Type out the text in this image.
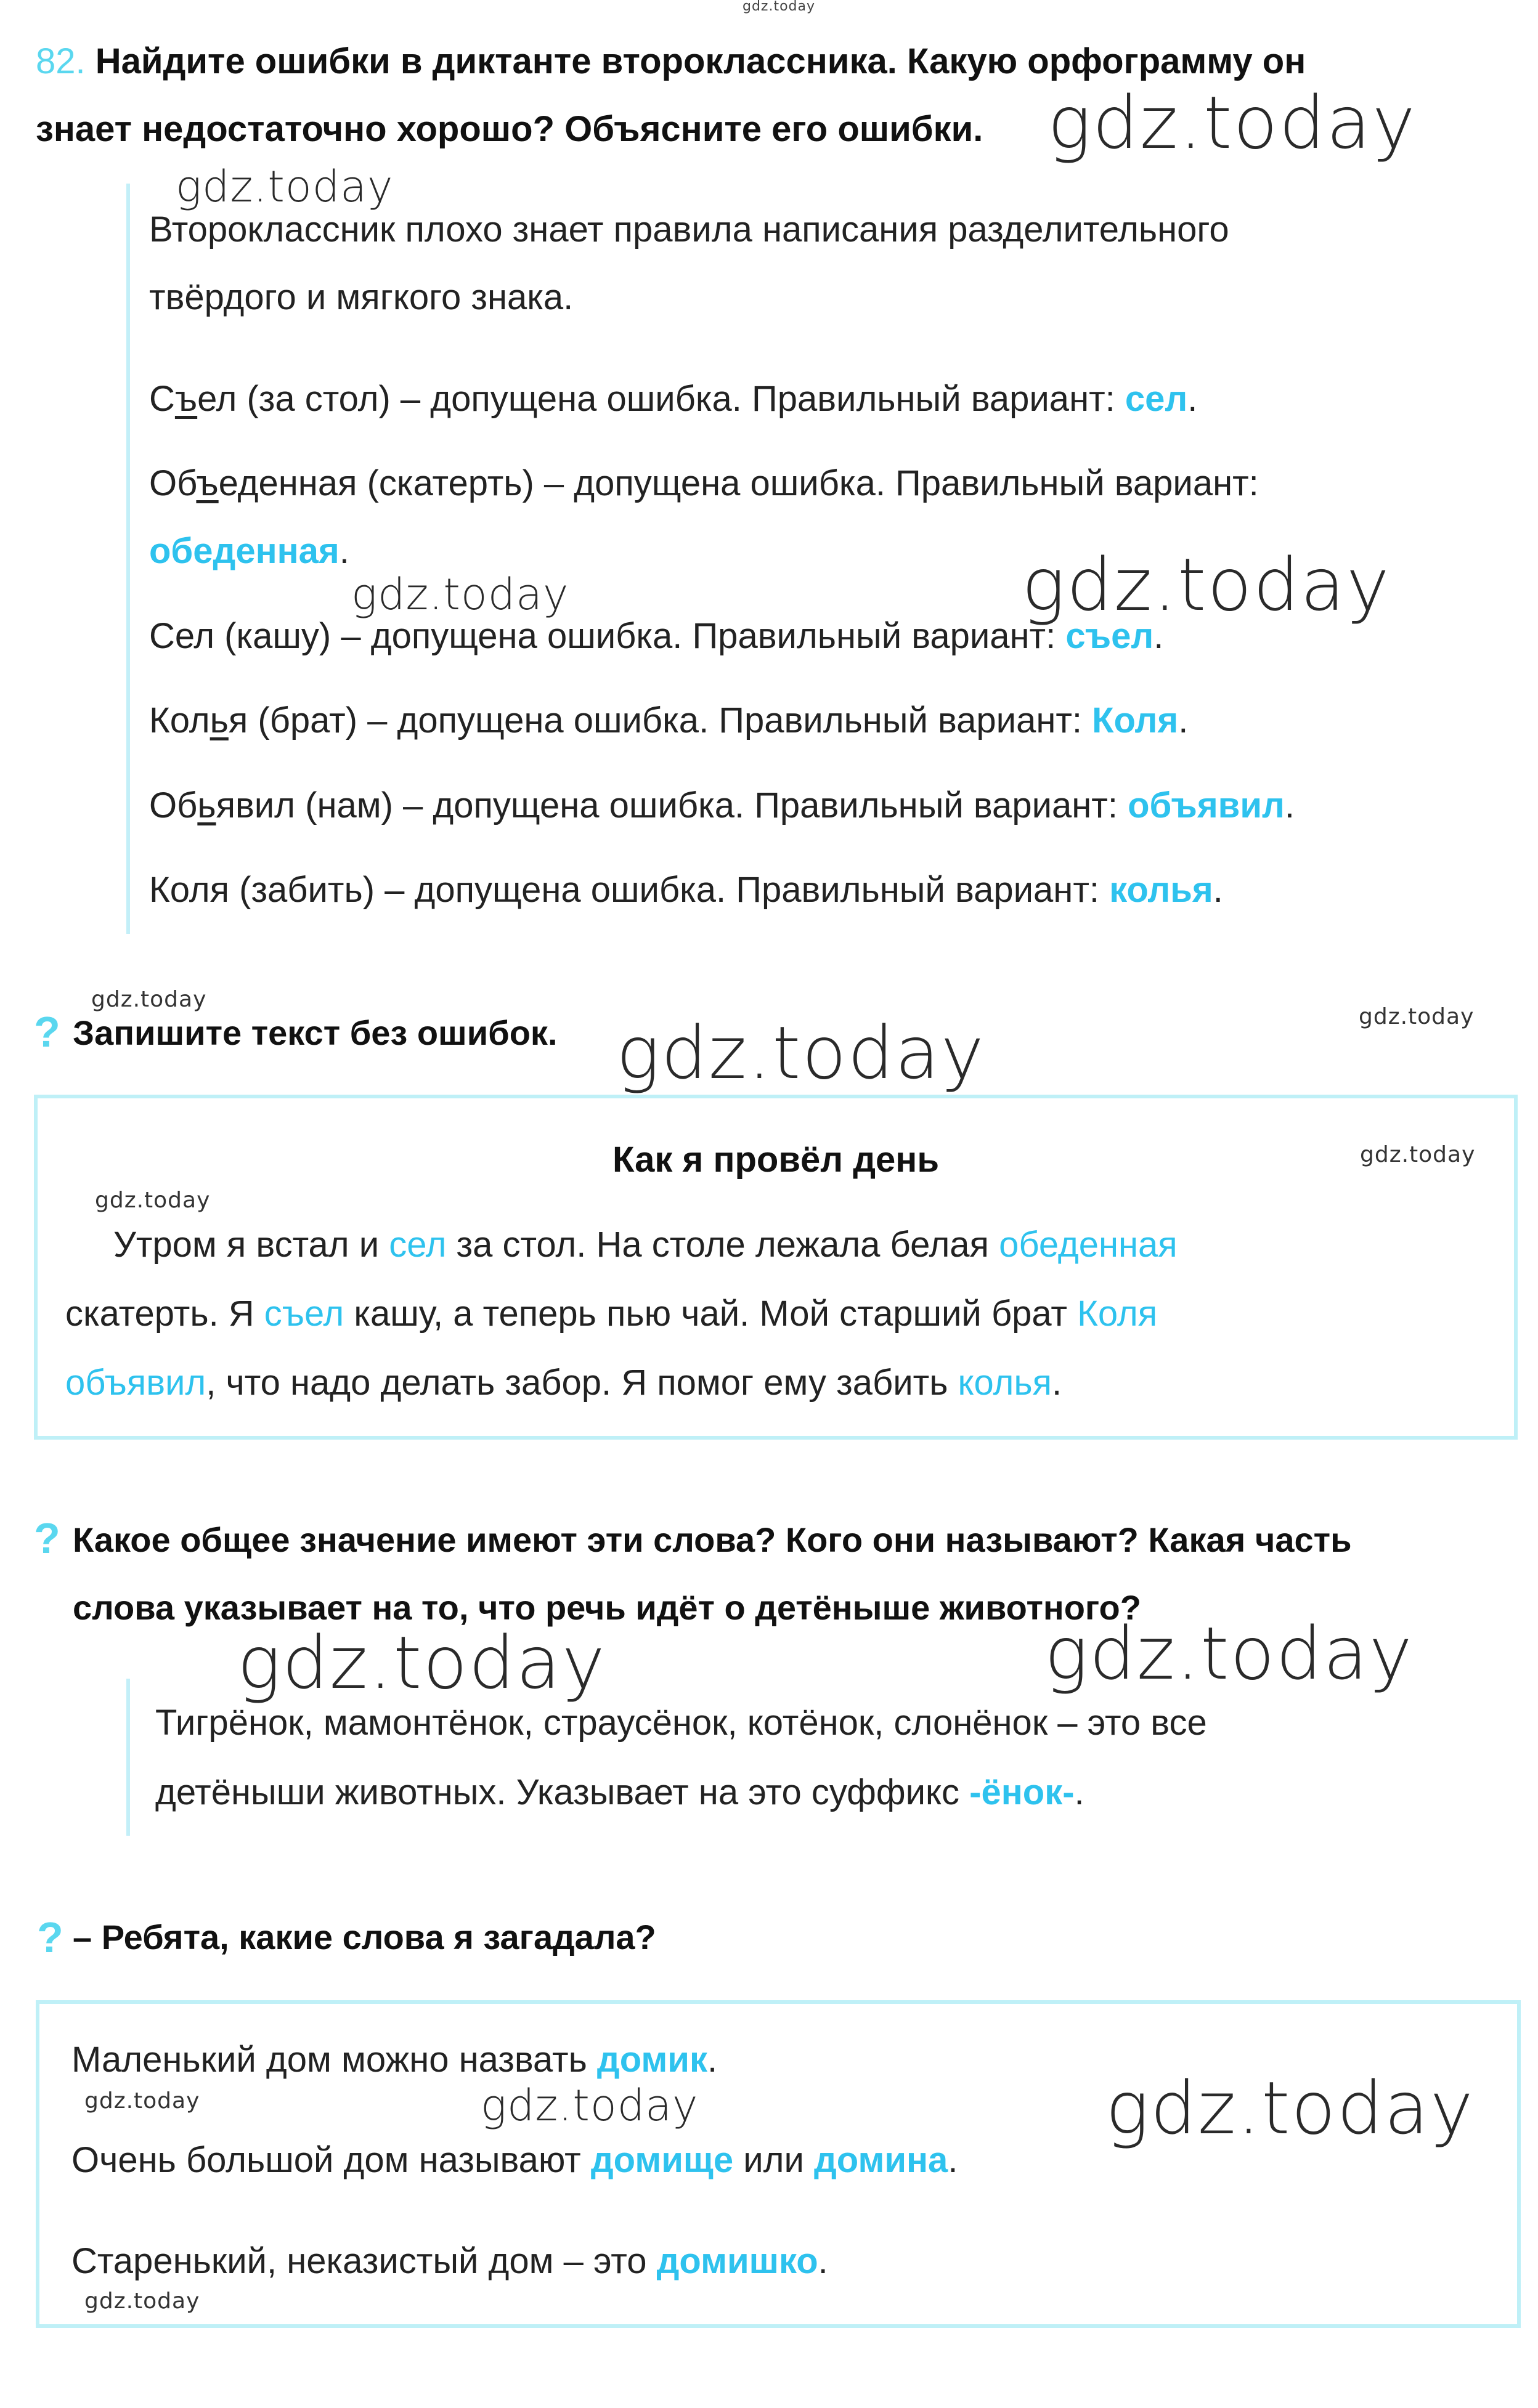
gdz.today
82. Найдите ошибки в диктанте второклассника. Какую орфограмму он
знает недостаточно хорошо? Объясните его ошибки. gdz.today
gdz.today
Второклассник плохо знает правила написания разделительного
твёрдого и мягкого знака.
Съел (за стол) – допущена ошибка. Правильный вариант: сел.
Объеденная (скатерть) – допущена ошибка. Правильный вариант:
обеденная.
gdz.today	gdz.today
Сел (кашу) – допущена ошибка. Правильный вариант: съел.
Колья (брат) – допущена ошибка. Правильный вариант: Коля.
Обьявил (нам) – допущена ошибка. Правильный вариант: объявил.
Коля (забить) – допущена ошибка. Правильный вариант: колья.
gdz.today
gdz.today
? Запишите текст без ошибок. gdz.today
Как я провёл день	gdz.today
gdz.today
Утром я встал и сел за стол. На столе лежала белая обеденная
скатерть. Я съел кашу, а теперь пью чай. Мой старший брат Коля
объявил, что надо делать забор. Я помог ему забить колья.
? Какое общее значение имеют эти слова? Кого они называют? Какая часть
слова указывает на то, что речь идёт о детёныше животного?
gdz.today	gdz.today
Тигрёнок, мамонтёнок, страусёнок, котёнок, слонёнок – это все
детёныши животных. Указывает на это суффикс -ёнок-.
? – Ребята, какие слова я загадала?
Маленький дом можно назвать домик.
gdz.today	gdz.today	gdz.today
Очень большой дом называют домище или домина.
Старенький, неказистый дом – это домишко.
gdz.today
